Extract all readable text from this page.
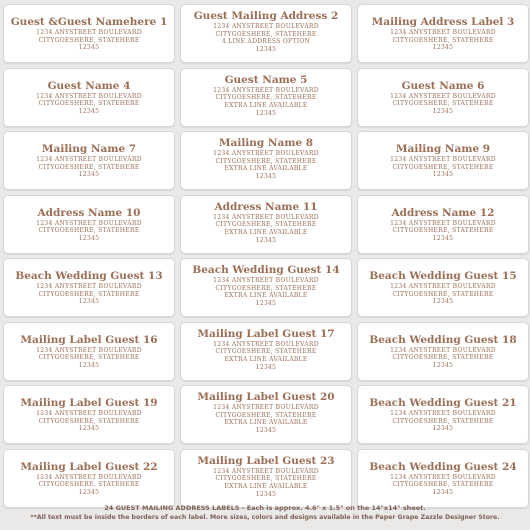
Guest &Guest Namehere 1
1234 ANYSTREET BOULEVARD
CITYGOESHERE, STATEHERE
12345
Guest Mailing Address 2
1234 ANYSTREET BOULEVARD
CITYGOESHERE, STATEHERE
4 LINE ADDRESS OPTION
12345
Mailing Address Label 3
1234 ANYSTREET BOULEVARD
CITYGOESHERE, STATEHERE
12345
Guest Name 4
1234 ANYSTREET BOULEVARD
CITYGOESHERE, STATEHERE
12345
Guest Name 5
1234 ANYSTREET BOULEVARD
CITYGOESHERE, STATEHERE
EXTRA LINE AVAILABLE
12345
Guest Name 6
1234 ANYSTREET BOULEVARD
CITYGOESHERE, STATEHERE
12345
Mailing Name 7
1234 ANYSTREET BOULEVARD
CITYGOESHERE, STATEHERE
12345
Mailing Name 8
1234 ANYSTREET BOULEVARD
CITYGOESHERE, STATEHERE
EXTRA LINE AVAILABLE
12345
Mailing Name 9
1234 ANYSTREET BOULEVARD
CITYGOESHERE, STATEHERE
12345
Address Name 10
1234 ANYSTREET BOULEVARD
CITYGOESHERE, STATEHERE
12345
Address Name 11
1234 ANYSTREET BOULEVARD
CITYGOESHERE, STATEHERE
EXTRA LINE AVAILABLE
12345
Address Name 12
1234 ANYSTREET BOULEVARD
CITYGOESHERE, STATEHERE
12345
Beach Wedding Guest 13
1234 ANYSTREET BOULEVARD
CITYGOESHERE, STATEHERE
12345
Beach Wedding Guest 14
1234 ANYSTREET BOULEVARD
CITYGOESHERE, STATEHERE
EXTRA LINE AVAILABLE
12345
Beach Wedding Guest 15
1234 ANYSTREET BOULEVARD
CITYGOESHERE, STATEHERE
12345
Mailing Label Guest 16
1234 ANYSTREET BOULEVARD
CITYGOESHERE, STATEHERE
12345
Mailing Label Guest 17
1234 ANYSTREET BOULEVARD
CITYGOESHERE, STATEHERE
EXTRA LINE AVAILABLE
12345
Beach Wedding Guest 18
1234 ANYSTREET BOULEVARD
CITYGOESHERE, STATEHERE
12345
Mailing Label Guest 19
1234 ANYSTREET BOULEVARD
CITYGOESHERE, STATEHERE
12345
Mailing Label Guest 20
1234 ANYSTREET BOULEVARD
CITYGOESHERE, STATEHERE
EXTRA LINE AVAILABLE
12345
Beach Wedding Guest 21
1234 ANYSTREET BOULEVARD
CITYGOESHERE, STATEHERE
12345
Mailing Label Guest 22
1234 ANYSTREET BOULEVARD
CITYGOESHERE, STATEHERE
12345
Mailing Label Guest 23
1234 ANYSTREET BOULEVARD
CITYGOESHERE, STATEHERE
EXTRA LINE AVAILABLE
12345
Beach Wedding Guest 24
1234 ANYSTREET BOULEVARD
CITYGOESHERE, STATEHERE
12345
24 GUEST MAILING ADDRESS LABELS - Each is approx. 4.6" x 1.5" on the 14"x14" sheet.
**All text must be inside the borders of each label. More sizes, colors and designs available in the Paper Grape Zazzle Designer Store.
